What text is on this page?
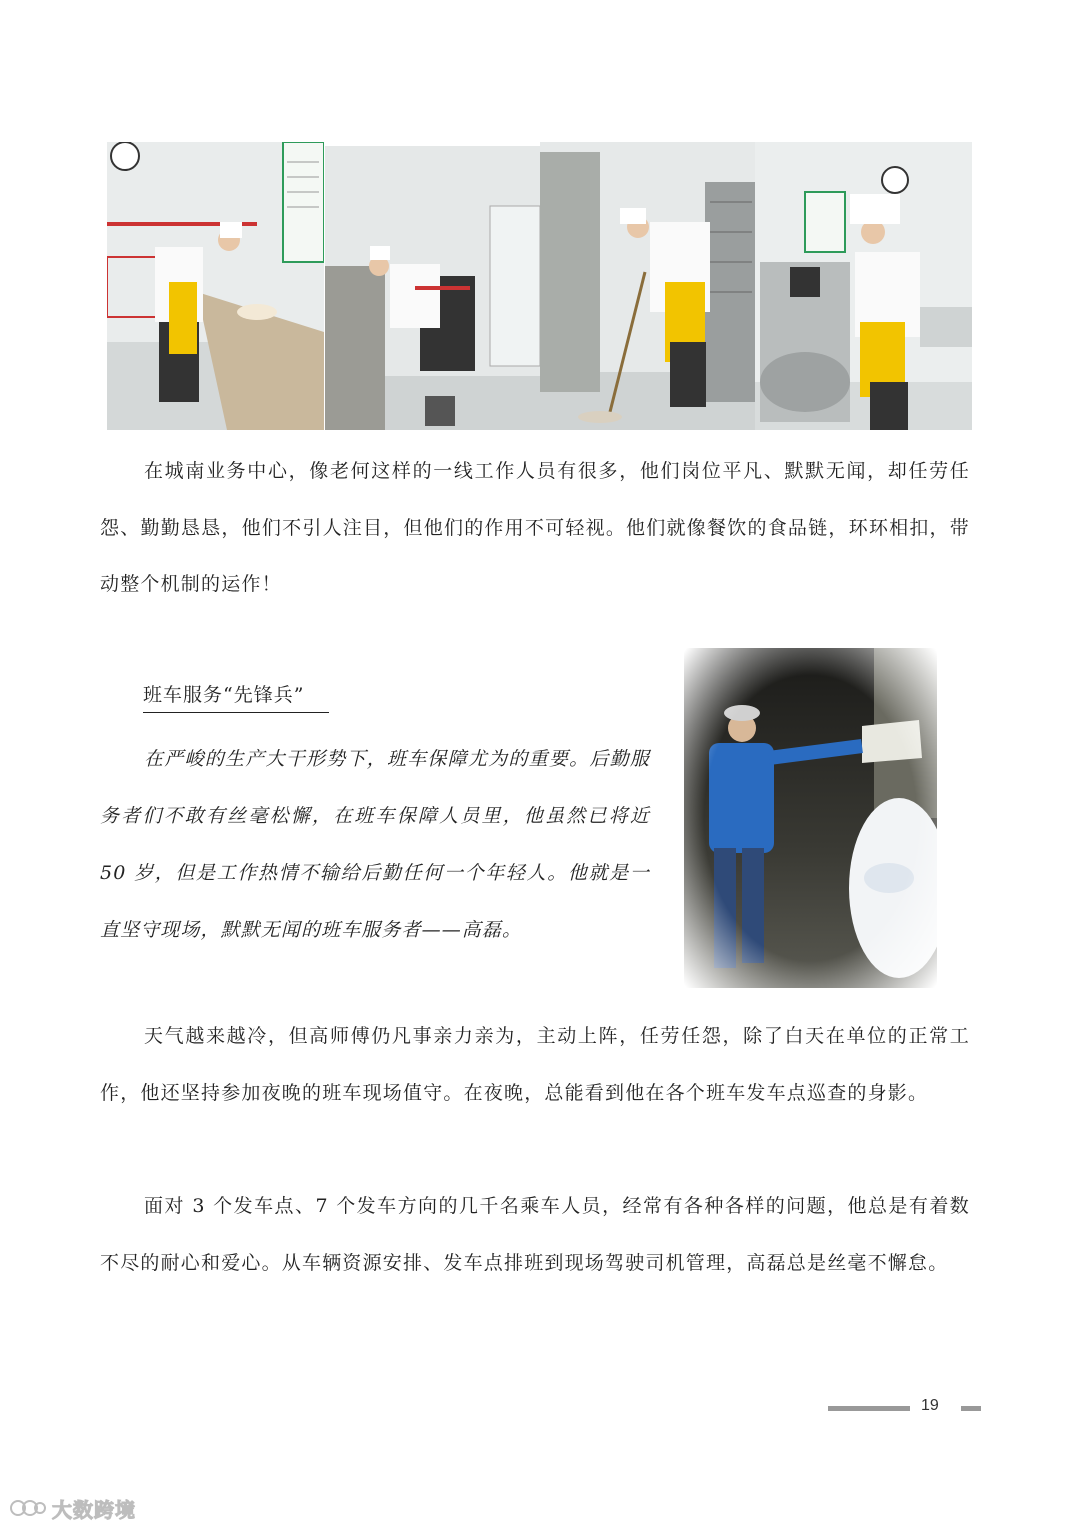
在城南业务中心，像老何这样的一线工作人员有很多，他们岗位平凡、默默无闻，却任劳任怨、勤勤恳恳，他们不引人注目，但他们的作用不可轻视。他们就像餐饮的食品链，环环相扣，带动整个机制的运作！

班车服务“先锋兵”

在严峻的生产大干形势下，班车保障尤为的重要。后勤服务者们不敢有丝毫松懈，在班车保障人员里，他虽然已将近 50 岁，但是工作热情不输给后勤任何一个年轻人。他就是一直坚守现场，默默无闻的班车服务者——高磊。

天气越来越冷，但高师傅仍凡事亲力亲为，主动上阵，任劳任怨，除了白天在单位的正常工作，他还坚持参加夜晚的班车现场值守。在夜晚，总能看到他在各个班车发车点巡查的身影。

面对 3 个发车点、7 个发车方向的几千名乘车人员，经常有各种各样的问题，他总是有着数不尽的耐心和爱心。从车辆资源安排、发车点排班到现场驾驶司机管理，高磊总是丝毫不懈怠。

19
大数跨境
